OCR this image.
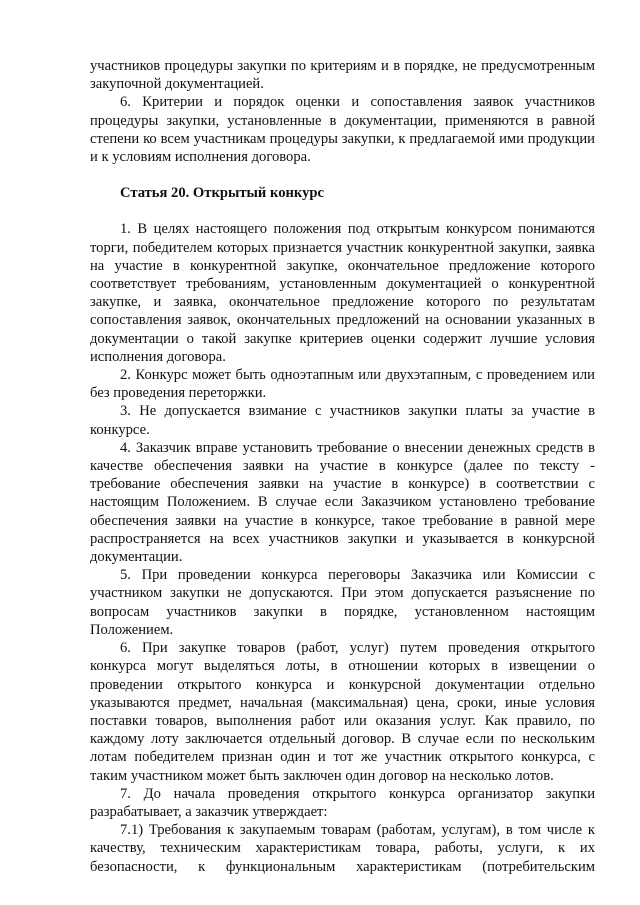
участников процедуры закупки по критериям и в порядке, не предусмотренным закупочной документацией.

6. Критерии и порядок оценки и сопоставления заявок участников процедуры закупки, установленные в документации, применяются в равной степени ко всем участникам процедуры закупки, к предлагаемой ими продукции и к условиям исполнения договора.

Статья 20. Открытый конкурс

1. В целях настоящего положения под открытым конкурсом понимаются торги, победителем которых признается участник конкурентной закупки, заявка на участие в конкурентной закупке, окончательное предложение которого соответствует требованиям, установленным документацией о конкурентной закупке, и заявка, окончательное предложение которого по результатам сопоставления заявок, окончательных предложений на основании указанных в документации о такой закупке критериев оценки содержит лучшие условия исполнения договора.

2. Конкурс может быть одноэтапным или двухэтапным, с проведением или без проведения переторжки.

3. Не допускается взимание с участников закупки платы за участие в конкурсе.

4. Заказчик вправе установить требование о внесении денежных средств в качестве обеспечения заявки на участие в конкурсе (далее по тексту - требование обеспечения заявки на участие в конкурсе) в соответствии с настоящим Положением. В случае если Заказчиком установлено требование обеспечения заявки на участие в конкурсе, такое требование в равной мере распространяется на всех участников закупки и указывается в конкурсной документации.

5. При проведении конкурса переговоры Заказчика или Комиссии с участником закупки не допускаются. При этом допускается разъяснение по вопросам участников закупки в порядке, установленном настоящим Положением.

6. При закупке товаров (работ, услуг) путем проведения открытого конкурса могут выделяться лоты, в отношении которых в извещении о проведении открытого конкурса и конкурсной документации отдельно указываются предмет, начальная (максимальная) цена, сроки, иные условия поставки товаров, выполнения работ или оказания услуг. Как правило, по каждому лоту заключается отдельный договор. В случае если по нескольким лотам победителем признан один и тот же участник открытого конкурса, с таким участником может быть заключен один договор на несколько лотов.

7. До начала проведения открытого конкурса организатор закупки разрабатывает, а заказчик утверждает:

7.1) Требования к закупаемым товарам (работам, услугам), в том числе к качеству, техническим характеристикам товара, работы, услуги, к их безопасности, к функциональным характеристикам (потребительским
